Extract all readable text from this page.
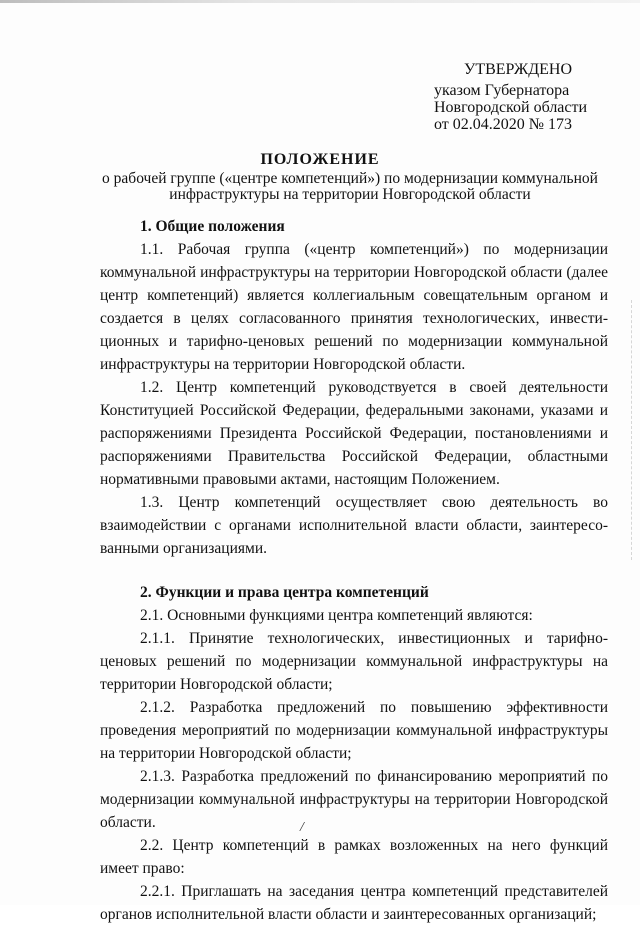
УТВЕРЖДЕНО
указом Губернатора
Новгородской области
от 02.04.2020 № 173
ПОЛОЖЕНИЕ
о рабочей группе («центре компетенций») по модернизации коммунальной инфраструктуры на территории Новгородской области
1. Общие положения

1.1. Рабочая группа («центр компетенций») по модернизации коммунальной инфраструктуры на территории Новгородской области (далее центр компетенций) является коллегиальным совещательным органом и создается в целях согласованного принятия технологических, инвести-ционных и тарифно-ценовых решений по модернизации коммунальной инфраструктуры на территории Новгородской области.

1.2. Центр компетенций руководствуется в своей деятельности Конституцией Российской Федерации, федеральными законами, указами и распоряжениями Президента Российской Федерации, постановлениями и распоряжениями Правительства Российской Федерации, областными нормативными правовыми актами, настоящим Положением.

1.3. Центр компетенций осуществляет свою деятельность во взаимодействии с органами исполнительной власти области, заинтересо-ванными организациями.

2. Функции и права центра компетенций

2.1. Основными функциями центра компетенций являются:

2.1.1. Принятие технологических, инвестиционных и тарифно-ценовых решений по модернизации коммунальной инфраструктуры на территории Новгородской области;

2.1.2. Разработка предложений по повышению эффективности проведения мероприятий по модернизации коммунальной инфраструктуры на территории Новгородской области;

2.1.3. Разработка предложений по финансированию мероприятий по модернизации коммунальной инфраструктуры на территории Новгородской области.

2.2. Центр компетенций в рамках возложенных на него функций имеет право:

2.2.1. Приглашать на заседания центра компетенций представителей органов исполнительной власти области и заинтересованных организаций;

/
